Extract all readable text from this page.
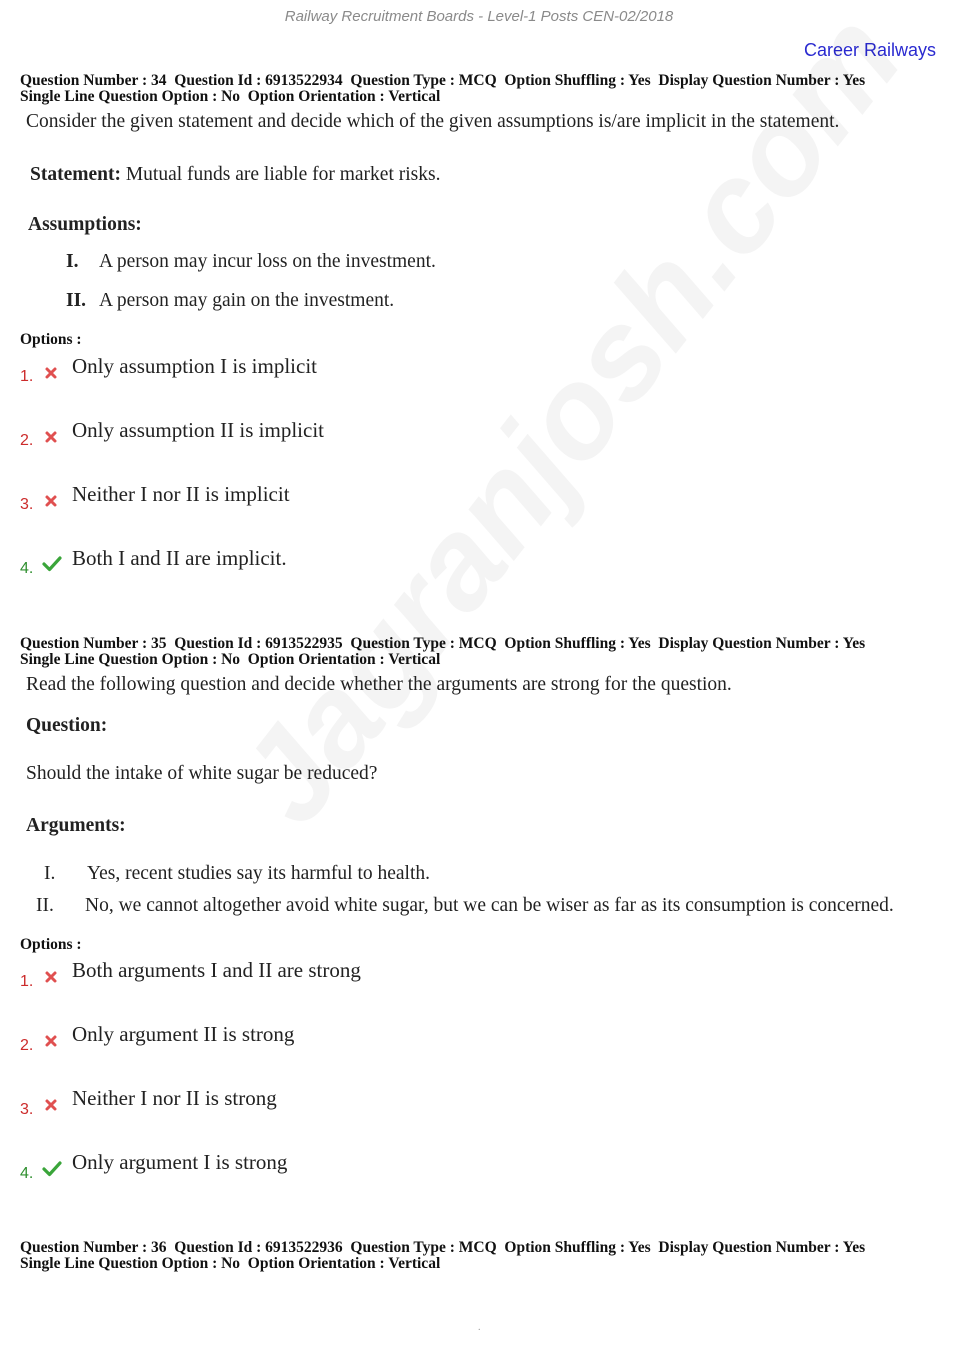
Railway Recruitment Boards - Level-1 Posts CEN-02/2018
Career Railways
Question Number : 34  Question Id : 6913522934  Question Type : MCQ  Option Shuffling : Yes  Display Question Number : Yes
Single Line Question Option : No  Option Orientation : Vertical
Consider the given statement and decide which of the given assumptions is/are implicit in the statement.
Statement: Mutual funds are liable for market risks.
Assumptions:
I. A person may incur loss on the investment.
II. A person may gain on the investment.
Options :
1. Only assumption I is implicit
2. Only assumption II is implicit
3. Neither I nor II is implicit
4. Both I and II are implicit.
Question Number : 35  Question Id : 6913522935  Question Type : MCQ  Option Shuffling : Yes  Display Question Number : Yes
Single Line Question Option : No  Option Orientation : Vertical
Read the following question and decide whether the arguments are strong for the question.
Question:
Should the intake of white sugar be reduced?
Arguments:
I. Yes, recent studies say its harmful to health.
II. No, we cannot altogether avoid white sugar, but we can be wiser as far as its consumption is concerned.
Options :
1. Both arguments I and II are strong
2. Only argument II is strong
3. Neither I nor II is strong
4. Only argument I is strong
Question Number : 36  Question Id : 6913522936  Question Type : MCQ  Option Shuffling : Yes  Display Question Number : Yes
Single Line Question Option : No  Option Orientation : Vertical
.
